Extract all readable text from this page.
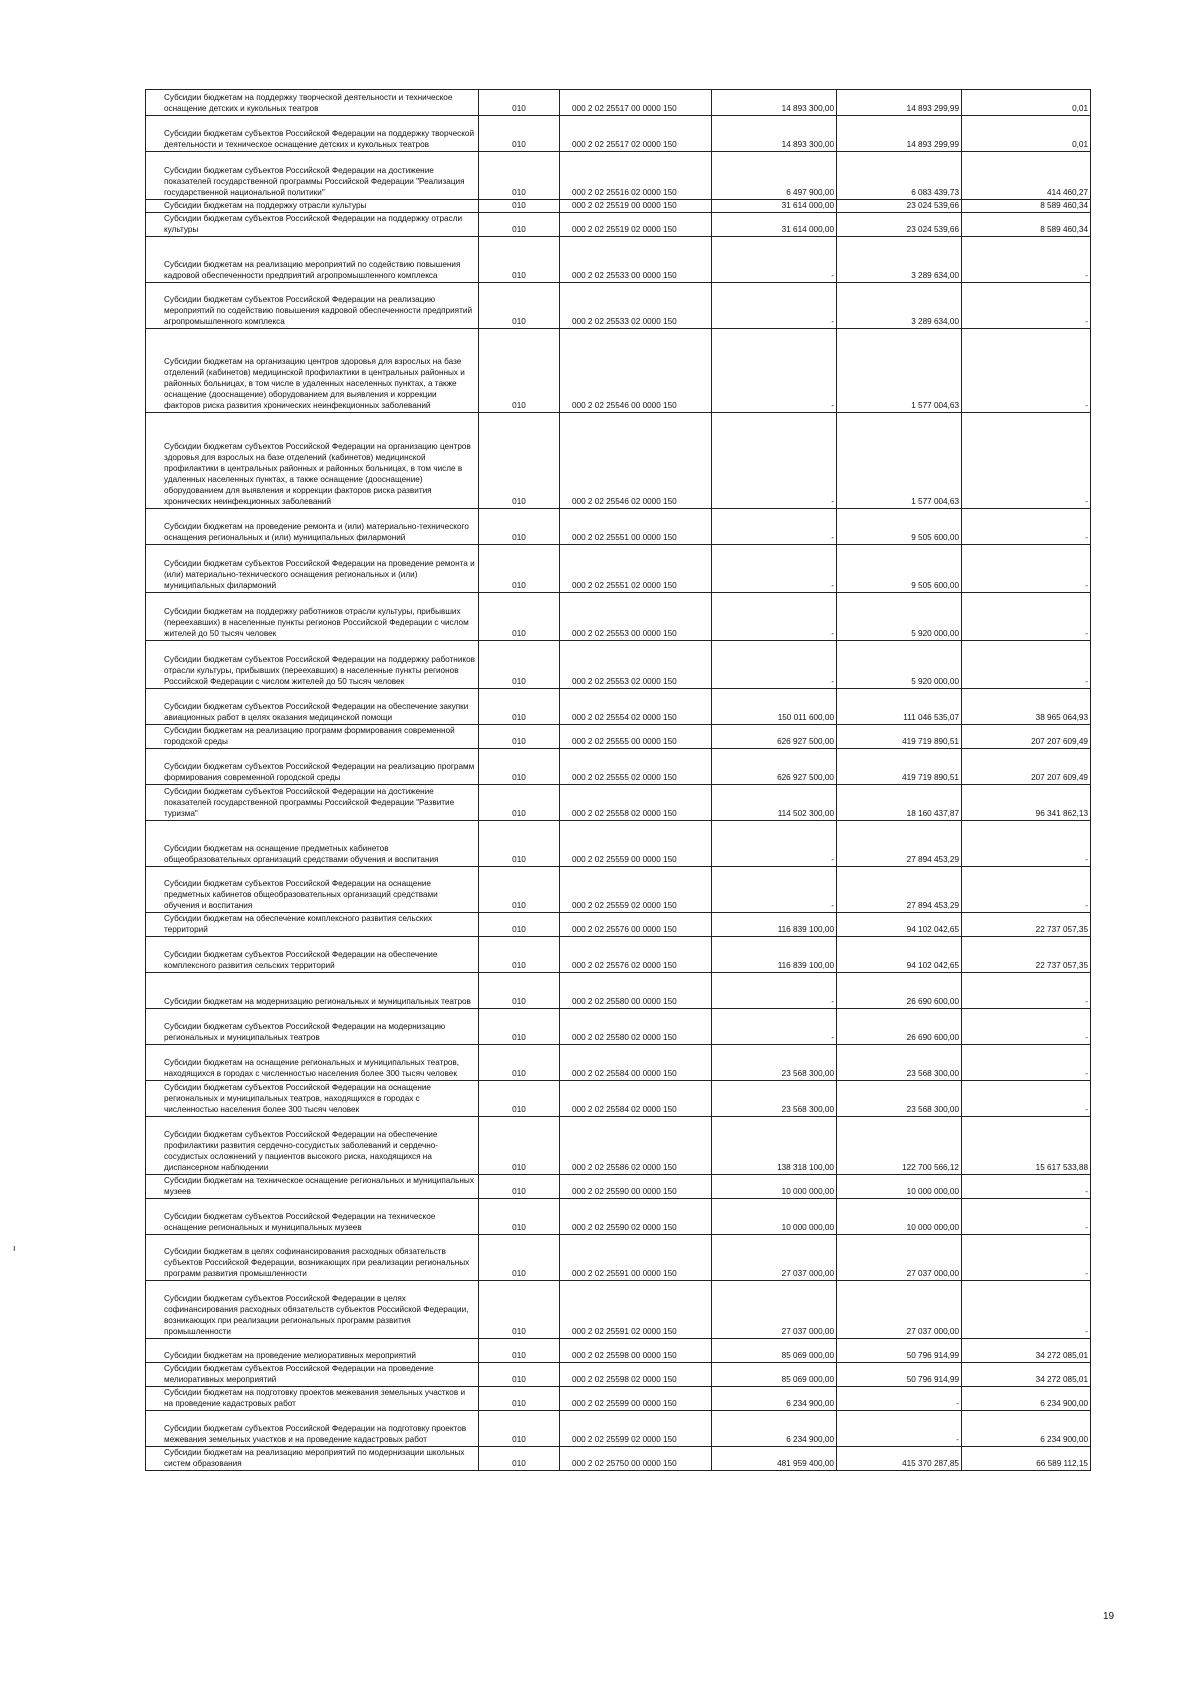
Субсидии бюджетам на поддержку творческой деятельности и техническое оснащение детских и кукольных театров	010	000 2 02 25517 00 0000 150	14 893 300,00	14 893 299,99	0,01
Субсидии бюджетам субъектов Российской Федерации на поддержку творческой деятельности и техническое оснащение детских и кукольных театров	010	000 2 02 25517 02 0000 150	14 893 300,00	14 893 299,99	0,01
Субсидии бюджетам субъектов Российской Федерации на достижение показателей государственной программы Российской Федерации "Реализация государственной национальной политики"	010	000 2 02 25516 02 0000 150	6 497 900,00	6 083 439,73	414 460,27
Субсидии бюджетам на поддержку отрасли культуры	010	000 2 02 25519 00 0000 150	31 614 000,00	23 024 539,66	8 589 460,34
Субсидии бюджетам субъектов Российской Федерации на поддержку отрасли культуры	010	000 2 02 25519 02 0000 150	31 614 000,00	23 024 539,66	8 589 460,34
Субсидии бюджетам на реализацию мероприятий по содействию повышения кадровой обеспеченности предприятий агропромышленного комплекса	010	000 2 02 25533 00 0000 150	-	3 289 634,00	-
Субсидии бюджетам субъектов Российской Федерации на реализацию мероприятий по содействию повышения кадровой обеспеченности предприятий агропромышленного комплекса	010	000 2 02 25533 02 0000 150	-	3 289 634,00	-
Субсидии бюджетам на организацию центров здоровья для взрослых на базе отделений (кабинетов) медицинской профилактики в центральных районных и районных больницах, в том числе в удаленных населенных пунктах, а также оснащение (дооснащение) оборудованием для выявления и коррекции факторов риска развития хронических неинфекционных заболеваний	010	000 2 02 25546 00 0000 150	-	1 577 004,63	-
Субсидии бюджетам субъектов Российской Федерации на организацию центров здоровья для взрослых на базе отделений (кабинетов) медицинской профилактики в центральных районных и районных больницах, в том числе в удаленных населенных пунктах, а также оснащение (дооснащение) оборудованием для выявления и коррекции факторов риска развития хронических неинфекционных заболеваний	010	000 2 02 25546 02 0000 150	-	1 577 004,63	-
Субсидии бюджетам на проведение ремонта и (или) материально-технического оснащения региональных и (или) муниципальных филармоний	010	000 2 02 25551 00 0000 150	-	9 505 600,00	-
Субсидии бюджетам субъектов Российской Федерации на проведение ремонта и (или) материально-технического оснащения региональных и (или) муниципальных филармоний	010	000 2 02 25551 02 0000 150	-	9 505 600,00	-
Субсидии бюджетам на поддержку работников отрасли культуры, прибывших (переехавших) в населенные пункты регионов Российской Федерации с числом жителей до 50 тысяч человек	010	000 2 02 25553 00 0000 150	-	5 920 000,00	-
Субсидии бюджетам субъектов Российской Федерации на поддержку работников отрасли культуры, прибывших (переехавших) в населенные пункты регионов Российской Федерации с числом жителей до 50 тысяч человек	010	000 2 02 25553 02 0000 150	-	5 920 000,00	-
Субсидии бюджетам субъектов Российской Федерации на обеспечение закупки авиационных работ в целях оказания медицинской помощи	010	000 2 02 25554 02 0000 150	150 011 600,00	111 046 535,07	38 965 064,93
Субсидии бюджетам на реализацию программ формирования современной городской среды	010	000 2 02 25555 00 0000 150	626 927 500,00	419 719 890,51	207 207 609,49
Субсидии бюджетам субъектов Российской Федерации на реализацию программ формирования современной городской среды	010	000 2 02 25555 02 0000 150	626 927 500,00	419 719 890,51	207 207 609,49
Субсидии бюджетам субъектов Российской Федерации на достижение показателей государственной программы Российской Федерации "Развитие туризма"	010	000 2 02 25558 02 0000 150	114 502 300,00	18 160 437,87	96 341 862,13
Субсидии бюджетам на оснащение предметных кабинетов общеобразовательных организаций средствами обучения и воспитания	010	000 2 02 25559 00 0000 150	-	27 894 453,29	-
Субсидии бюджетам субъектов Российской Федерации на оснащение предметных кабинетов общеобразовательных организаций средствами обучения и воспитания	010	000 2 02 25559 02 0000 150	-	27 894 453,29	-
Субсидии бюджетам на обеспечение комплексного развития сельских территорий	010	000 2 02 25576 00 0000 150	116 839 100,00	94 102 042,65	22 737 057,35
Субсидии бюджетам субъектов Российской Федерации на обеспечение комплексного развития сельских территорий	010	000 2 02 25576 02 0000 150	116 839 100,00	94 102 042,65	22 737 057,35
Субсидии бюджетам на модернизацию региональных и муниципальных театров	010	000 2 02 25580 00 0000 150	-	26 690 600,00	-
Субсидии бюджетам субъектов Российской Федерации на модернизацию региональных и муниципальных театров	010	000 2 02 25580 02 0000 150	-	26 690 600,00	-
Субсидии бюджетам на оснащение региональных и муниципальных театров, находящихся в городах с численностью населения более 300 тысяч человек	010	000 2 02 25584 00 0000 150	23 568 300,00	23 568 300,00	-
Субсидии бюджетам субъектов Российской Федерации на оснащение региональных и муниципальных театров, находящихся в городах с численностью населения более 300 тысяч человек	010	000 2 02 25584 02 0000 150	23 568 300,00	23 568 300,00	-
Субсидии бюджетам субъектов Российской Федерации на обеспечение профилактики развития сердечно-сосудистых заболеваний и сердечно-сосудистых осложнений у пациентов высокого риска, находящихся на диспансерном наблюдении	010	000 2 02 25586 02 0000 150	138 318 100,00	122 700 566,12	15 617 533,88
Субсидии бюджетам на техническое оснащение региональных и муниципальных музеев	010	000 2 02 25590 00 0000 150	10 000 000,00	10 000 000,00	-
Субсидии бюджетам субъектов Российской Федерации на техническое оснащение региональных и муниципальных музеев	010	000 2 02 25590 02 0000 150	10 000 000,00	10 000 000,00	-
Субсидии бюджетам в целях софинансирования расходных обязательств субъектов Российской Федерации, возникающих при реализации региональных программ развития промышленности	010	000 2 02 25591 00 0000 150	27 037 000,00	27 037 000,00	-
Субсидии бюджетам субъектов Российской Федерации в целях софинансирования расходных обязательств субъектов Российской Федерации, возникающих при реализации региональных программ развития промышленности	010	000 2 02 25591 02 0000 150	27 037 000,00	27 037 000,00	-
Субсидии бюджетам на проведение мелиоративных мероприятий	010	000 2 02 25598 00 0000 150	85 069 000,00	50 796 914,99	34 272 085,01
Субсидии бюджетам субъектов Российской Федерации на проведение мелиоративных мероприятий	010	000 2 02 25598 02 0000 150	85 069 000,00	50 796 914,99	34 272 085,01
Субсидии бюджетам на подготовку проектов межевания земельных участков и на проведение кадастровых работ	010	000 2 02 25599 00 0000 150	6 234 900,00	-	6 234 900,00
Субсидии бюджетам субъектов Российской Федерации на подготовку проектов межевания земельных участков и на проведение кадастровых работ	010	000 2 02 25599 02 0000 150	6 234 900,00	-	6 234 900,00
Субсидии бюджетам на реализацию мероприятий по модернизации школьных систем образования	010	000 2 02 25750 00 0000 150	481 959 400,00	415 370 287,85	66 589 112,15
19
ı
